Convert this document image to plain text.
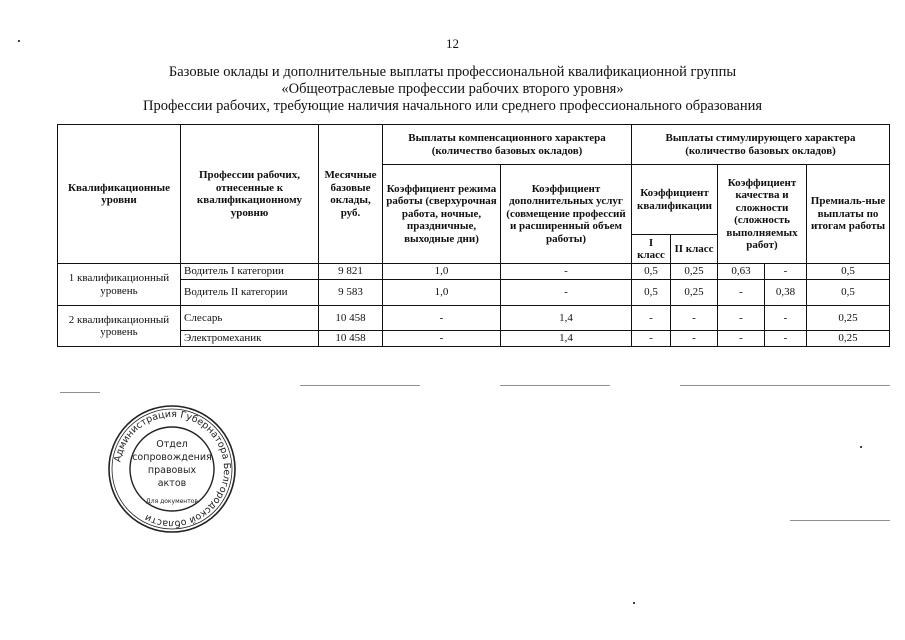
12
Базовые оклады и дополнительные выплаты профессиональной квалификационной группы
«Общеотраслевые профессии рабочих второго уровня»
Профессии рабочих, требующие наличия начального или среднего профессионального образования
Квалификационные уровни	Профессии рабочих, отнесенные к квалификационному уровню	Месячные базовые оклады, руб.	Выплаты компенсационного характера (количество базовых окладов)		Выплаты стимулирующего характера (количество базовых окладов)				
			Коэффициент режима работы (сверхурочная работа, ночные, праздничные, выходные дни)	Коэффициент дополнительных услуг (совмещение профессий и расширенный объем работы)	Коэффициент квалификации		Коэффициент качества и сложности (сложность выполняемых работ)		Премиаль-ные выплаты по итогам работы
					I класс	II класс			
1 квалификационный уровень	Водитель I категории	9 821	1,0	-	0,5	0,25	0,63	-	0,5
	Водитель II категории	9 583	1,0	-	0,5	0,25	-	0,38	0,5
2 квалификационный уровень	Слесарь	10 458	-	1,4	-	-	-	-	0,25
	Электромеханик	10 458	-	1,4	-	-	-	-	0,25
Администрация Губернатора Белгородской области
Отдел
сопровождения
правовых
актов
Для документов
